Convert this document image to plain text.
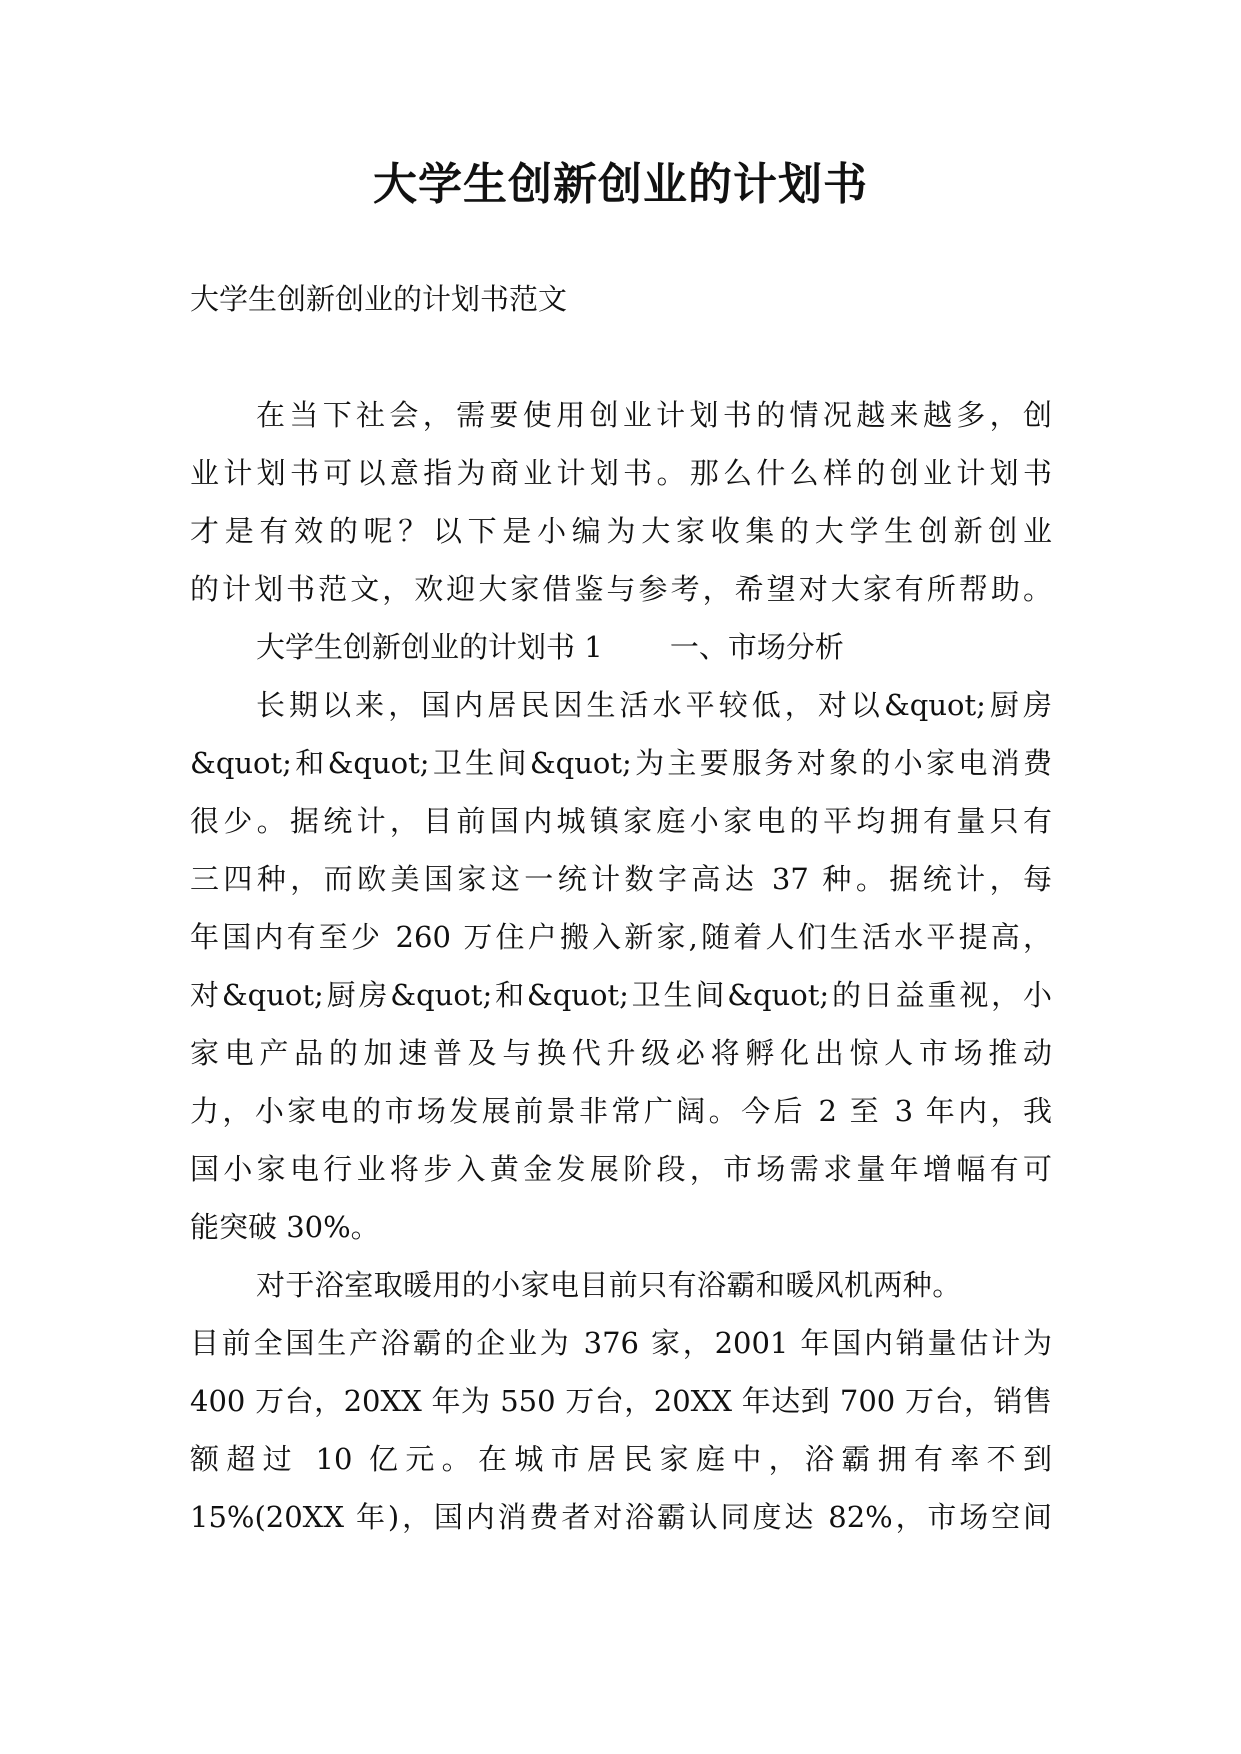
大学生创新创业的计划书

大学生创新创业的计划书范文

在当下社会，需要使用创业计划书的情况越来越多，创

业计划书可以意指为商业计划书。那么什么样的创业计划书

才是有效的呢？以下是小编为大家收集的大学生创新创业

的计划书范文，欢迎大家借鉴与参考，希望对大家有所帮助。

大学生创新创业的计划书 1　　 一、市场分析

长期以来，国内居民因生活水平较低，对以&quot;厨房

&quot;和&quot;卫生间&quot;为主要服务对象的小家电消费

很少。据统计，目前国内城镇家庭小家电的平均拥有量只有

三四种，而欧美国家这一统计数字高达 37 种。据统计，每

年国内有至少 260 万住户搬入新家,随着人们生活水平提高，

对&quot;厨房&quot;和&quot;卫生间&quot;的日益重视，小

家电产品的加速普及与换代升级必将孵化出惊人市场推动

力，小家电的市场发展前景非常广阔。今后 2 至 3 年内，我

国小家电行业将步入黄金发展阶段，市场需求量年增幅有可

能突破 30%。

对于浴室取暖用的小家电目前只有浴霸和暖风机两种。

目前全国生产浴霸的企业为 376 家，2001 年国内销量估计为

400 万台，20XX 年为 550 万台，20XX 年达到 700 万台，销售

额超过 10 亿元。在城市居民家庭中，浴霸拥有率不到

15%(20XX 年)，国内消费者对浴霸认同度达 82%，市场空间
